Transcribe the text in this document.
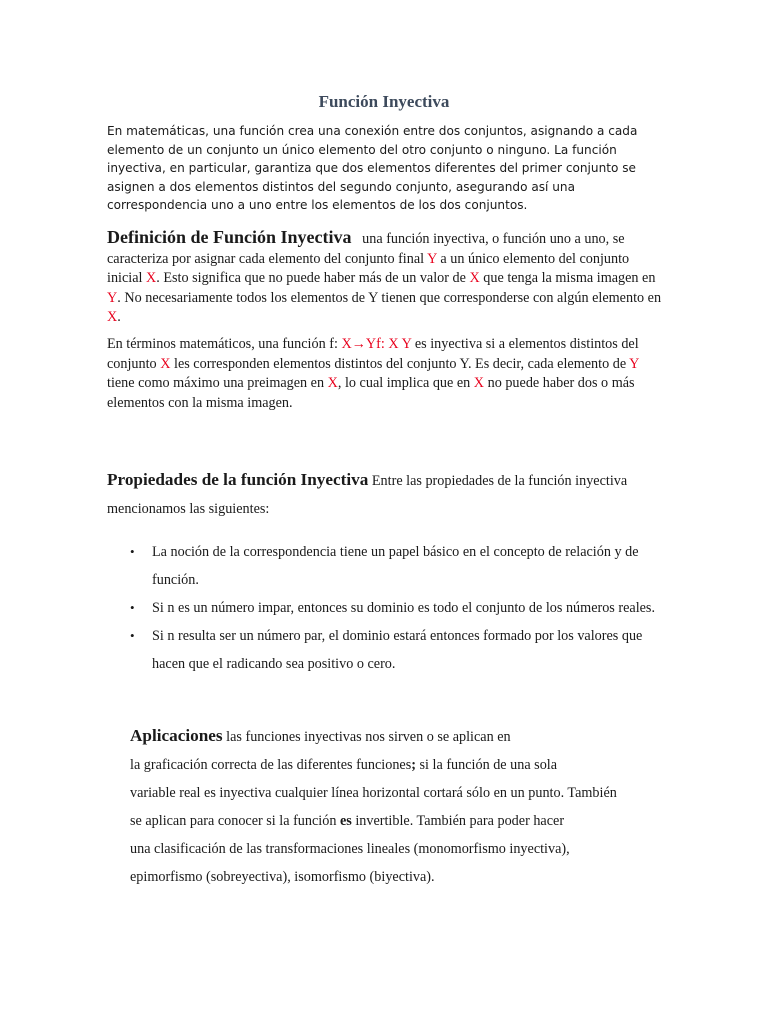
Función Inyectiva
En matemáticas, una función crea una conexión entre dos conjuntos, asignando a cada elemento de un conjunto un único elemento del otro conjunto o ninguno. La función inyectiva, en particular, garantiza que dos elementos diferentes del primer conjunto se asignen a dos elementos distintos del segundo conjunto, asegurando así una correspondencia uno a uno entre los elementos de los dos conjuntos.
Definición de Función Inyectiva una función inyectiva, o función uno a uno, se caracteriza por asignar cada elemento del conjunto final Y a un único elemento del conjunto inicial X. Esto significa que no puede haber más de un valor de X que tenga la misma imagen en Y. No necesariamente todos los elementos de Y tienen que corresponderse con algún elemento en X.
En términos matemáticos, una función f: X→Yf: X Y es inyectiva si a elementos distintos del conjunto X les corresponden elementos distintos del conjunto Y. Es decir, cada elemento de Y tiene como máximo una preimagen en X, lo cual implica que en X no puede haber dos o más elementos con la misma imagen.
Propiedades de la función Inyectiva Entre las propiedades de la función inyectiva mencionamos las siguientes:
• La noción de la correspondencia tiene un papel básico en el concepto de relación y de función.
• Si n es un número impar, entonces su dominio es todo el conjunto de los números reales.
• Si n resulta ser un número par, el dominio estará entonces formado por los valores que hacen que el radicando sea positivo o cero.
Aplicaciones las funciones inyectivas nos sirven o se aplican en
la graficación correcta de las diferentes funciones; si la función de una sola
variable real es inyectiva cualquier línea horizontal cortará sólo en un punto. También
se aplican para conocer si la función es invertible. También para poder hacer
una clasificación de las transformaciones lineales (monomorfismo inyectiva),
epimorfismo (sobreyectiva), isomorfismo (biyectiva).
